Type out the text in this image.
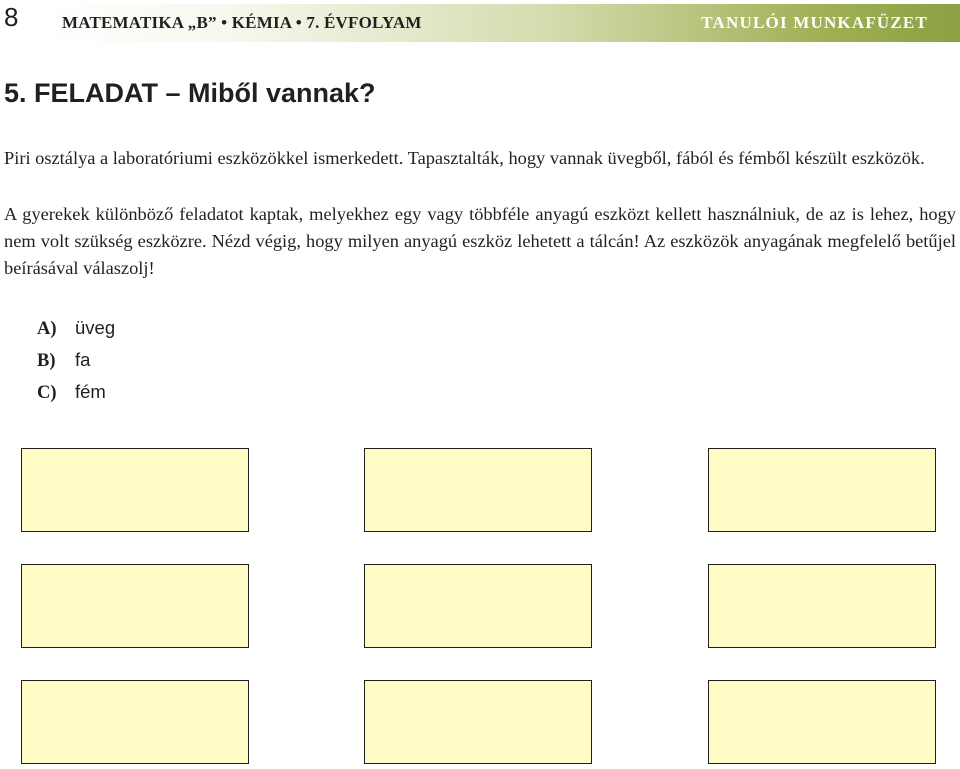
8	MATEMATIKA „B” • KÉMIA • 7. ÉVFOLYAM	TANULÓI MUNKAFÜZET
5. FELADAT – Miből vannak?

Piri osztálya a laboratóriumi eszközökkel ismerkedett. Tapasztalták, hogy vannak üvegből, fából és fémből készült eszközök.

A gyerekek különböző feladatot kaptak, melyekhez egy vagy többféle anyagú eszközt kellett használniuk, de az is lehez, hogy nem volt szükség eszközre. Nézd végig, hogy milyen anyagú eszköz lehetett a tálcán! Az eszközök anyagának megfelelő betűjel beírásával válaszolj!

A) üveg
B) fa
C) fém
